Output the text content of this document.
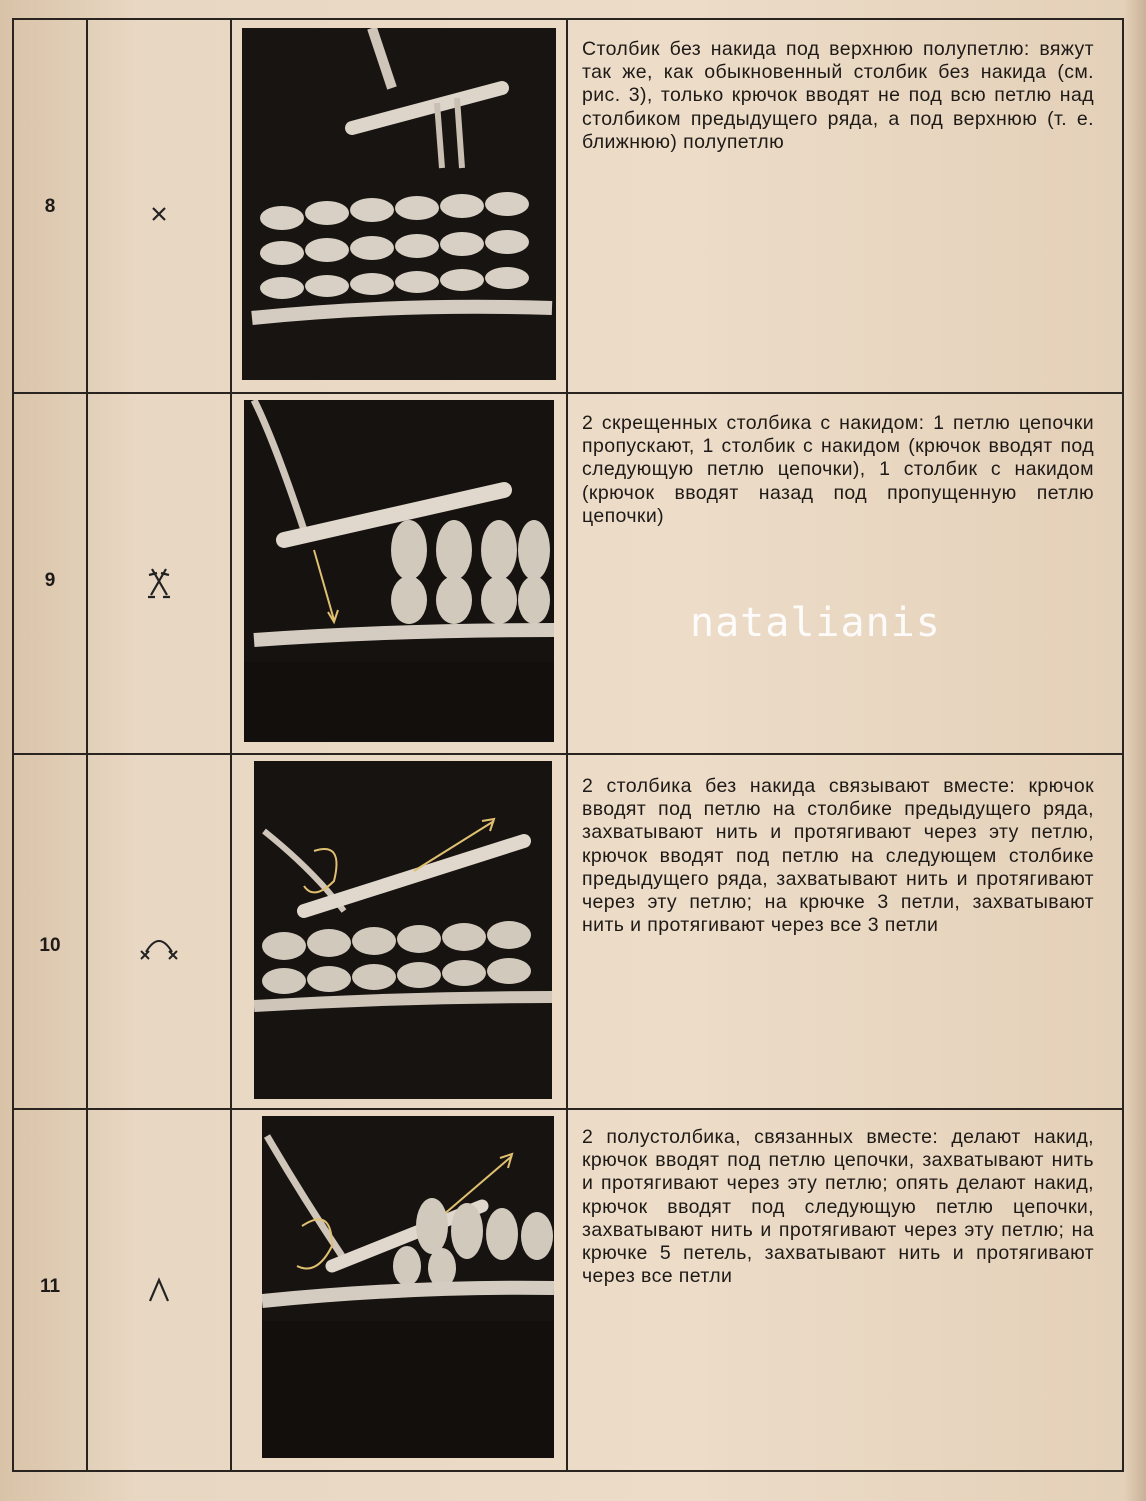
8
Столбик без накида под верхнюю полупетлю: вяжут так же, как обыкновенный столбик без накида (см. рис. 3), только крючок вводят не под всю петлю над столбиком предыдущего ряда, а под верхнюю (т. е. ближнюю) полупетлю
9
2 скрещенных столбика с накидом: 1 петлю цепочки пропускают, 1 столбик с накидом (крючок вводят под следующую петлю цепочки), 1 столбик с накидом (крючок вводят назад под пропущенную петлю цепочки)
10
2 столбика без накида связывают вместе: крючок вводят под петлю на столбике предыдущего ряда, захватывают нить и протягивают через эту петлю, крючок вводят под петлю на следующем столбике предыдущего ряда, захватывают нить и протягивают через эту петлю; на крючке 3 петли, захватывают нить и протягивают через все 3 петли
11
2 полустолбика, связанных вместе: делают накид, крючок вводят под петлю цепочки, захватывают нить и протягивают через эту петлю; опять делают накид, крючок вводят под следующую петлю цепочки, захватывают нить и протягивают через эту петлю; на крючке 5 петель, захватывают нить и протягивают через все петли
natalianis
